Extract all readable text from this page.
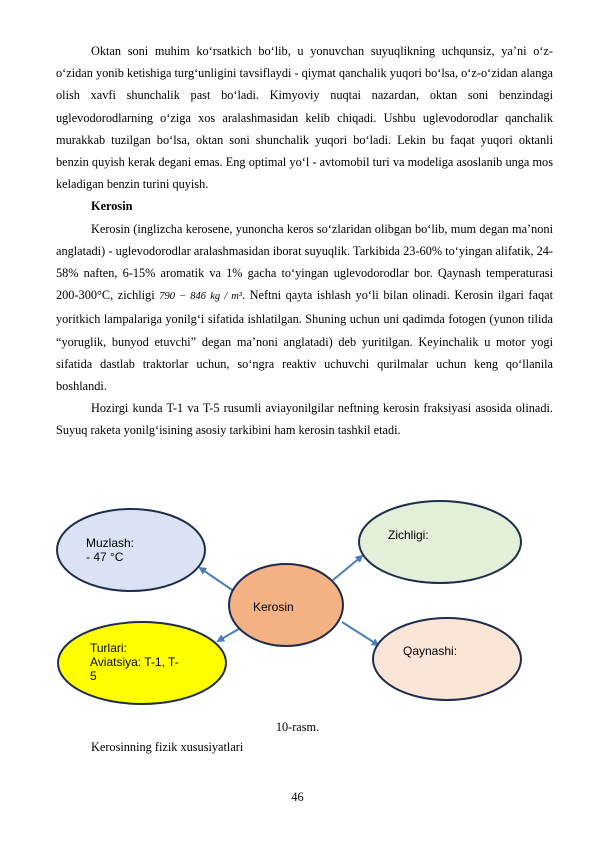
Oktan soni muhim ko‘rsatkich bo‘lib, u yonuvchan suyuqlikning uchqunsiz, ya’ni o‘z-o‘zidan yonib ketishiga turg‘unligini tavsiflaydi - qiymat qanchalik yuqori bo‘lsa, o‘z-o‘zidan alanga olish xavfi shunchalik past bo‘ladi. Kimyoviy nuqtai nazardan, oktan soni benzindagi uglevodorodlarning o‘ziga xos aralashmasidan kelib chiqadi. Ushbu uglevodorodlar qanchalik murakkab tuzilgan bo‘lsa, oktan soni shunchalik yuqori bo‘ladi. Lekin bu faqat yuqori oktanli benzin quyish kerak degani emas. Eng optimal yo‘l - avtomobil turi va modeliga asoslanib unga mos keladigan benzin turini quyish.

Kerosin

Kerosin (inglizcha kerosene, yunoncha keros so‘zlaridan olibgan bo‘lib, mum degan ma’noni anglatadi) - uglevodorodlar aralashmasidan iborat suyuqlik. Tarkibida 23-60% to‘yingan alifatik, 24-58% naften, 6-15% aromatik va 1% gacha to‘yingan uglevodorodlar bor. Qaynash temperaturasi 200-300°C, zichligi 790 − 846 kg / m³. Neftni qayta ishlash yo‘li bilan olinadi. Kerosin ilgari faqat yoritkich lampalariga yonilg‘i sifatida ishlatilgan. Shuning uchun uni qadimda fotogen (yunon tilida “yoruglik, bunyod etuvchi” degan ma’noni anglatadi) deb yuritilgan. Keyinchalik u motor yogi sifatida dastlab traktorlar uchun, so‘ngra reaktiv uchuvchi qurilmalar uchun keng qo‘llanila boshlandi.

Hozirgi kunda T-1 va T-5 rusumli aviayonilgilar neftning kerosin fraksiyasi asosida olinadi. Suyuq raketa yonilg‘isining asosiy tarkibini ham kerosin tashkil etadi.

Muzlash:
- 47 °C
Zichligi:
Kerosin
Turlari:
Aviatsiya: T-1, T-
5
Qaynashi:
10-rasm.
Kerosinning fizik xususiyatlari
46
